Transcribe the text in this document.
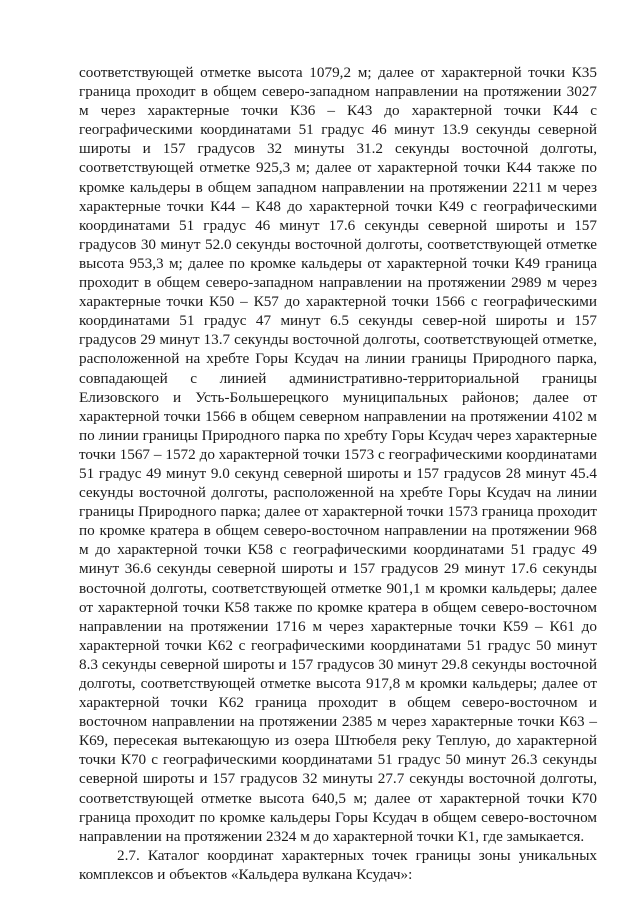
соответствующей отметке высота 1079,2 м; далее от характерной точки К35 граница проходит в общем северо-западном направлении на протяжении 3027 м через характерные точки К36 – К43 до характерной точки К44 с географическими координатами 51 градус 46 минут 13.9 секунды северной широты и 157 градусов 32 минуты 31.2 секунды восточной долготы, соответствующей отметке 925,3 м; далее от характерной точки К44 также по кромке кальдеры в общем западном направлении на протяжении 2211 м через характерные точки К44 – К48 до характерной точки К49 с географическими координатами 51 градус 46 минут 17.6 секунды северной широты и 157 градусов 30 минут 52.0 секунды восточной долготы, соответствующей отметке высота 953,3 м; далее по кромке кальдеры от характерной точки К49 граница проходит в общем северо-западном направлении на протяжении 2989 м через характерные точки К50 – К57 до характерной точки 1566 с географическими координатами 51 градус 47 минут 6.5 секунды север-ной широты и 157 градусов 29 минут 13.7 секунды восточной долготы, соответствующей отметке, расположенной на хребте Горы Ксудач на линии границы Природного парка, совпадающей с линией административно-территориальной границы Елизовского и Усть-Большерецкого муниципальных районов; далее от характерной точки 1566 в общем северном направлении на протяжении 4102 м по линии границы Природного парка по хребту Горы Ксудач через характерные точки 1567 – 1572 до характерной точки 1573 с географическими координатами 51 градус 49 минут 9.0 секунд северной широты и 157 градусов 28 минут 45.4 секунды восточной долготы, расположенной на хребте Горы Ксудач на линии границы Природного парка; далее от характерной точки 1573 граница проходит по кромке кратера в общем северо-восточном направлении на протяжении 968 м до характерной точки К58 с географическими координатами 51 градус 49 минут 36.6 секунды северной широты и 157 градусов 29 минут 17.6 секунды восточной долготы, соответствующей отметке 901,1 м кромки кальдеры; далее от характерной точки К58 также по кромке кратера в общем северо-восточном направлении на протяжении 1716 м через характерные точки К59 – К61 до характерной точки К62 с географическими координатами 51 градус 50 минут 8.3 секунды северной широты и 157 градусов 30 минут 29.8 секунды восточной долготы, соответствующей отметке высота 917,8 м кромки кальдеры; далее от характерной точки К62 граница проходит в общем северо-восточном и восточном направлении на протяжении 2385 м через характерные точки К63 – К69, пересекая вытекающую из озера Штюбеля реку Теплую, до характерной точки К70 с географическими координатами 51 градус 50 минут 26.3 секунды северной широты и 157 градусов 32 минуты 27.7 секунды восточной долготы, соответствующей отметке высота 640,5 м; далее от характерной точки К70 граница проходит по кромке кальдеры Горы Ксудач в общем северо-восточном направлении на протяжении 2324 м до характерной точки К1, где замыкается.

2.7. Каталог координат характерных точек границы зоны уникальных комплексов и объектов «Кальдера вулкана Ксудач»:
